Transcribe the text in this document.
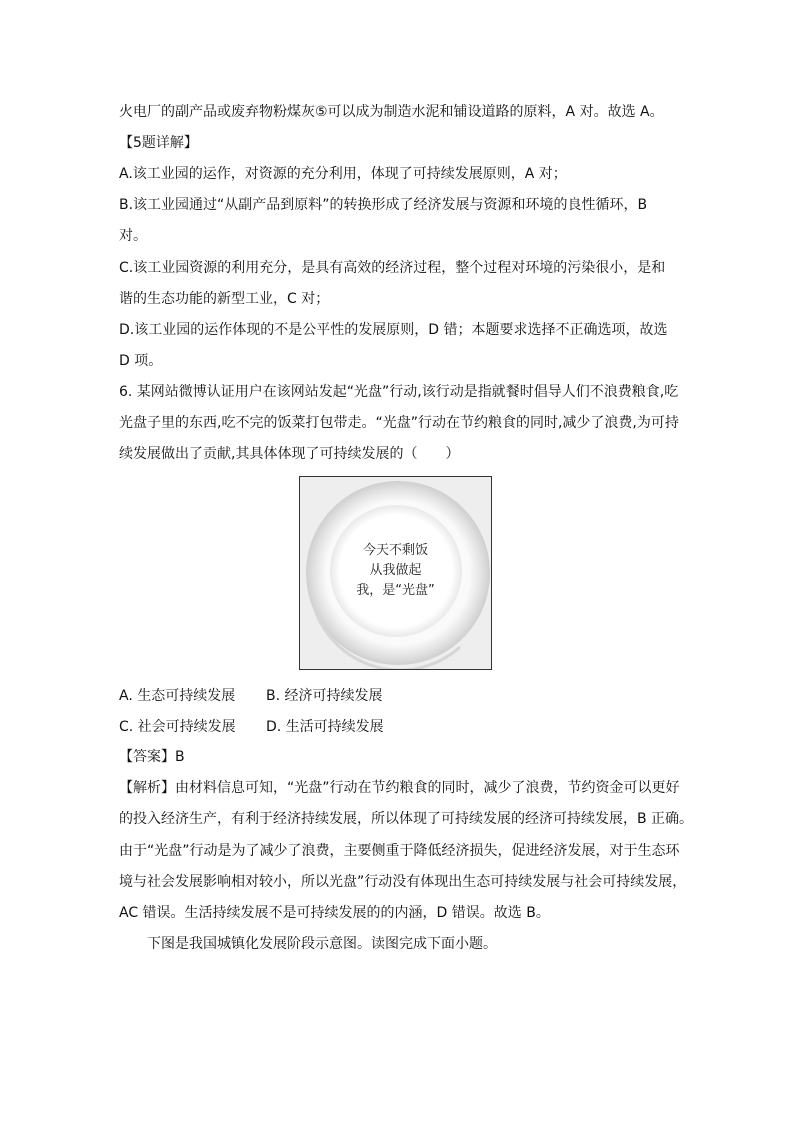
火电厂的副产品或废弃物粉煤灰⑤可以成为制造水泥和铺设道路的原料，A 对。故选 A。
【5题详解】
A.该工业园的运作，对资源的充分利用，体现了可持续发展原则，A 对；
B.该工业园通过“从副产品到原料”的转换形成了经济发展与资源和环境的良性循环，B
对。
C.该工业园资源的利用充分，是具有高效的经济过程，整个过程对环境的污染很小，是和
谐的生态功能的新型工业，C 对；
D.该工业园的运作体现的不是公平性的发展原则，D 错；本题要求选择不正确选项，故选
D 项。
6. 某网站微博认证用户在该网站发起“光盘”行动,该行动是指就餐时倡导人们不浪费粮食,吃
光盘子里的东西,吃不完的饭菜打包带走。“光盘”行动在节约粮食的同时,减少了浪费,为可持
续发展做出了贡献,其具体体现了可持续发展的（　　）
今天不剩饭
从我做起
我，是“光盘”
A. 生态可持续发展 B. 经济可持续发展
C. 社会可持续发展 D. 生活可持续发展
【答案】B
【解析】由材料信息可知，“光盘”行动在节约粮食的同时，减少了浪费，节约资金可以更好
的投入经济生产，有利于经济持续发展，所以体现了可持续发展的经济可持续发展，B 正确。
由于“光盘”行动是为了减少了浪费，主要侧重于降低经济损失，促进经济发展，对于生态环
境与社会发展影响相对较小，所以光盘”行动没有体现出生态可持续发展与社会可持续发展，
AC 错误。生活持续发展不是可持续发展的的内涵，D 错误。故选 B。
下图是我国城镇化发展阶段示意图。读图完成下面小题。
